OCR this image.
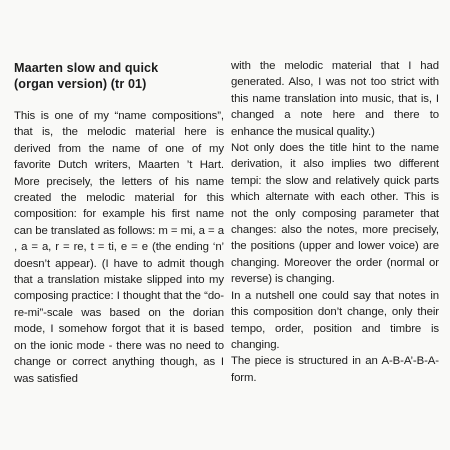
Maarten slow and quick
(organ version) (tr 01)

This is one of my “name compositions”, that is, the melodic material here is derived from the name of one of my favorite Dutch writers, Maarten ’t Hart. More precisely, the letters of his name created the melodic material for this composition: for example his first name can be translated as follows: m = mi, a = a , a = a, r = re, t = ti, e = e (the ending ‘n’ doesn’t appear). (I have to admit though that a translation mistake slipped into my composing practice: I thought that the “do-re-mi”-scale was based on the dorian mode, I somehow forgot that it is based on the ionic mode - there was no need to change or correct anything though, as I was satisfied

with the melodic material that I had generated. Also, I was not too strict with this name translation into music, that is, I changed a note here and there to enhance the musical quality.)

Not only does the title hint to the name derivation, it also implies two different tempi: the slow and relatively quick parts which alternate with each other. This is not the only composing parameter that changes: also the notes, more precisely, the positions (upper and lower voice) are changing. Moreover the order (normal or reverse) is changing.

In a nutshell one could say that notes in this composition don’t change, only their tempo, order, position and timbre is changing.

The piece is structured in an A-B-A’-B-A-form.
